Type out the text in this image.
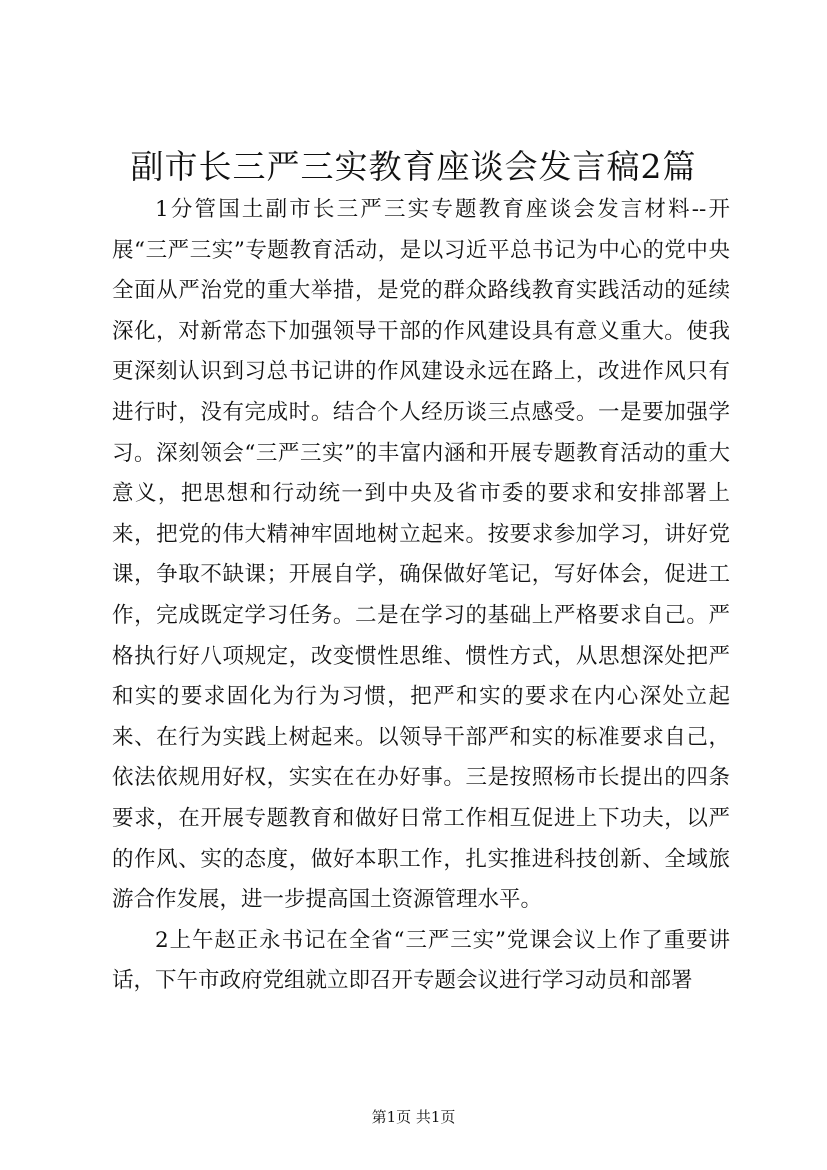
副市长三严三实教育座谈会发言稿2篇

1分管国土副市长三严三实专题教育座谈会发言材料--开展“三严三实”专题教育活动，是以习近平总书记为中心的党中央全面从严治党的重大举措，是党的群众路线教育实践活动的延续深化，对新常态下加强领导干部的作风建设具有意义重大。使我更深刻认识到习总书记讲的作风建设永远在路上，改进作风只有进行时，没有完成时。结合个人经历谈三点感受。一是要加强学习。深刻领会“三严三实”的丰富内涵和开展专题教育活动的重大意义，把思想和行动统一到中央及省市委的要求和安排部署上来，把党的伟大精神牢固地树立起来。按要求参加学习，讲好党课，争取不缺课；开展自学，确保做好笔记，写好体会，促进工作，完成既定学习任务。二是在学习的基础上严格要求自己。严格执行好八项规定，改变惯性思维、惯性方式，从思想深处把严和实的要求固化为行为习惯，把严和实的要求在内心深处立起来、在行为实践上树起来。以领导干部严和实的标准要求自己，依法依规用好权，实实在在办好事。三是按照杨市长提出的四条要求，在开展专题教育和做好日常工作相互促进上下功夫，以严的作风、实的态度，做好本职工作，扎实推进科技创新、全域旅游合作发展，进一步提高国土资源管理水平。

2上午赵正永书记在全省“三严三实”党课会议上作了重要讲话，下午市政府党组就立即召开专题会议进行学习动员和部署

第1页 共1页
